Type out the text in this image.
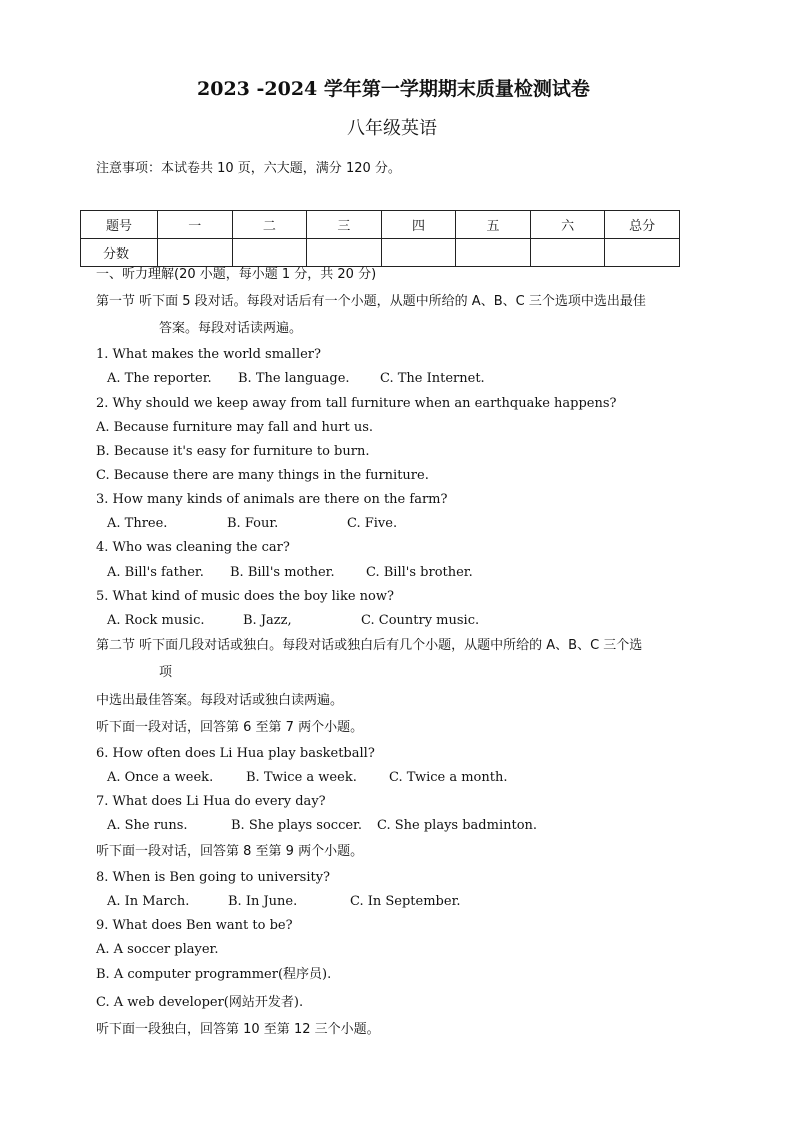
2023 -2024 学年第一学期期末质量检测试卷
八年级英语
注意事项：本试卷共 10 页，六大题，满分 120 分。
题号	一	二	三	四	五	六	总分
分数							
一、听力理解(20 小题，每小题 1 分，共 20 分)
第一节 听下面 5 段对话。每段对话后有一个小题，从题中所给的 A、B、C 三个选项中选出最佳
答案。每段对话读两遍。
1. What makes the world smaller?
A. The reporter. B. The language. C. The Internet.
2. Why should we keep away from tall furniture when an earthquake happens?
A. Because furniture may fall and hurt us.
B. Because it's easy for furniture to burn.
C. Because there are many things in the furniture.
3. How many kinds of animals are there on the farm?
A. Three.	B. Four.	C. Five.
4. Who was cleaning the car?
A. Bill's father. B. Bill's mother. C. Bill's brother.
5. What kind of music does the boy like now?
A. Rock music.	B. Jazz,	C. Country music.
第二节 听下面几段对话或独白。每段对话或独白后有几个小题，从题中所给的 A、B、C 三个选
项
中选出最佳答案。每段对话或独白读两遍。
听下面一段对话，回答第 6 至第 7 两个小题。
6. How often does Li Hua play basketball?
A. Once a week.	B. Twice a week. C. Twice a month.
7. What does Li Hua do every day?
A. She runs.	B. She plays soccer. C. She plays badminton.
听下面一段对话，回答第 8 至第 9 两个小题。
8. When is Ben going to university?
A. In March.	B. In June.	C. In September.
9. What does Ben want to be?
A. A soccer player.
B. A computer programmer(程序员).
C. A web developer(网站开发者).
听下面一段独白，回答第 10 至第 12 三个小题。
